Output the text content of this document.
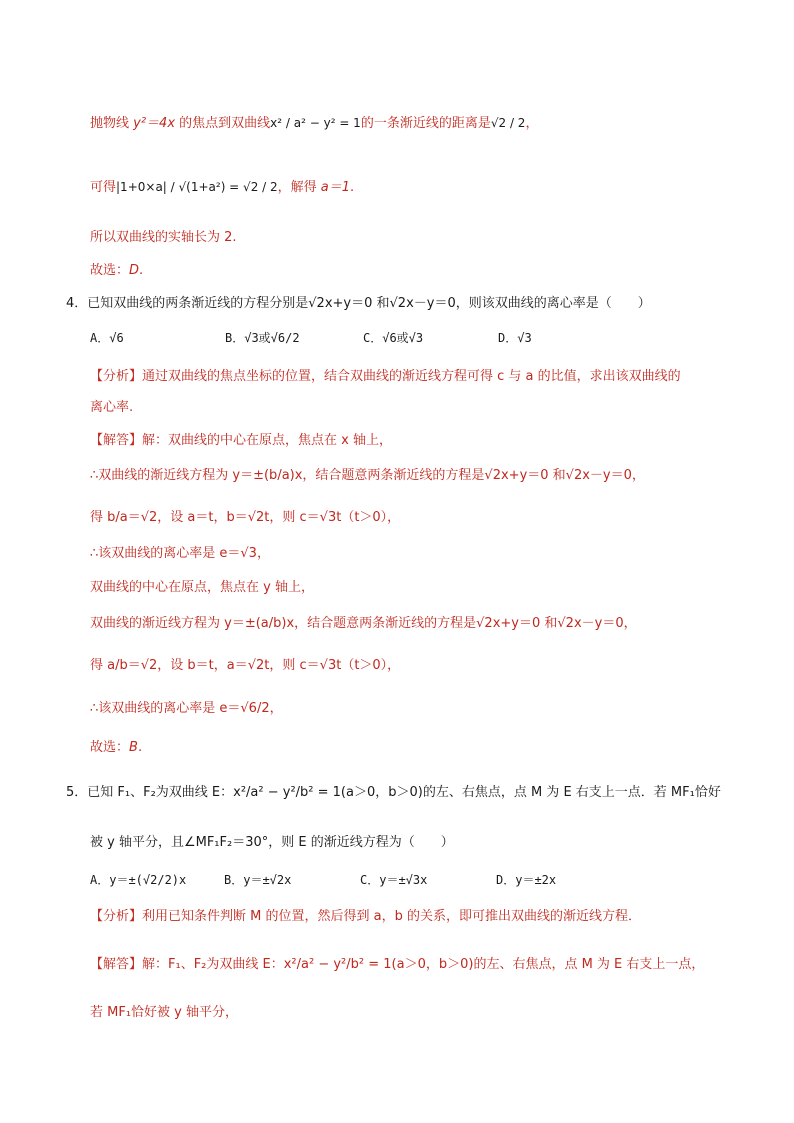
抛物线 y²＝4x 的焦点到双曲线x² / a² − y² = 1的一条渐近线的距离是√2 / 2，
可得|1+0×a| / √(1+a²) = √2 / 2，解得 a＝1.
所以双曲线的实轴长为 2.
故选：D.
4．已知双曲线的两条渐近线的方程分别是√2x+y＝0 和√2x－y＝0，则该双曲线的离心率是（　　）
A．√6	B．√3或√6/2	C．√6或√3	D．√3
【分析】通过双曲线的焦点坐标的位置，结合双曲线的渐近线方程可得 c 与 a 的比值，求出该双曲线的
离心率.
【解答】解：双曲线的中心在原点，焦点在 x 轴上，
∴双曲线的渐近线方程为 y＝±(b/a)x，结合题意两条渐近线的方程是√2x+y＝0 和√2x－y＝0，
得 b/a＝√2，设 a＝t，b＝√2t，则 c＝√3t（t＞0），
∴该双曲线的离心率是 e＝√3，
双曲线的中心在原点，焦点在 y 轴上，
双曲线的渐近线方程为 y＝±(a/b)x，结合题意两条渐近线的方程是√2x+y＝0 和√2x－y＝0，
得 a/b＝√2，设 b＝t，a＝√2t，则 c＝√3t（t＞0），
∴该双曲线的离心率是 e＝√6/2，
故选：B.
5．已知 F₁、F₂为双曲线 E：x²/a² − y²/b² = 1(a＞0，b＞0)的左、右焦点，点 M 为 E 右支上一点．若 MF₁恰好
被 y 轴平分，且∠MF₁F₂＝30°，则 E 的渐近线方程为（　　）
A．y＝±(√2/2)x	B．y＝±√2x	C．y＝±√3x	D．y＝±2x
【分析】利用已知条件判断 M 的位置，然后得到 a，b 的关系，即可推出双曲线的渐近线方程．
【解答】解：F₁、F₂为双曲线 E：x²/a² − y²/b² = 1(a＞0，b＞0)的左、右焦点，点 M 为 E 右支上一点，
若 MF₁恰好被 y 轴平分，
